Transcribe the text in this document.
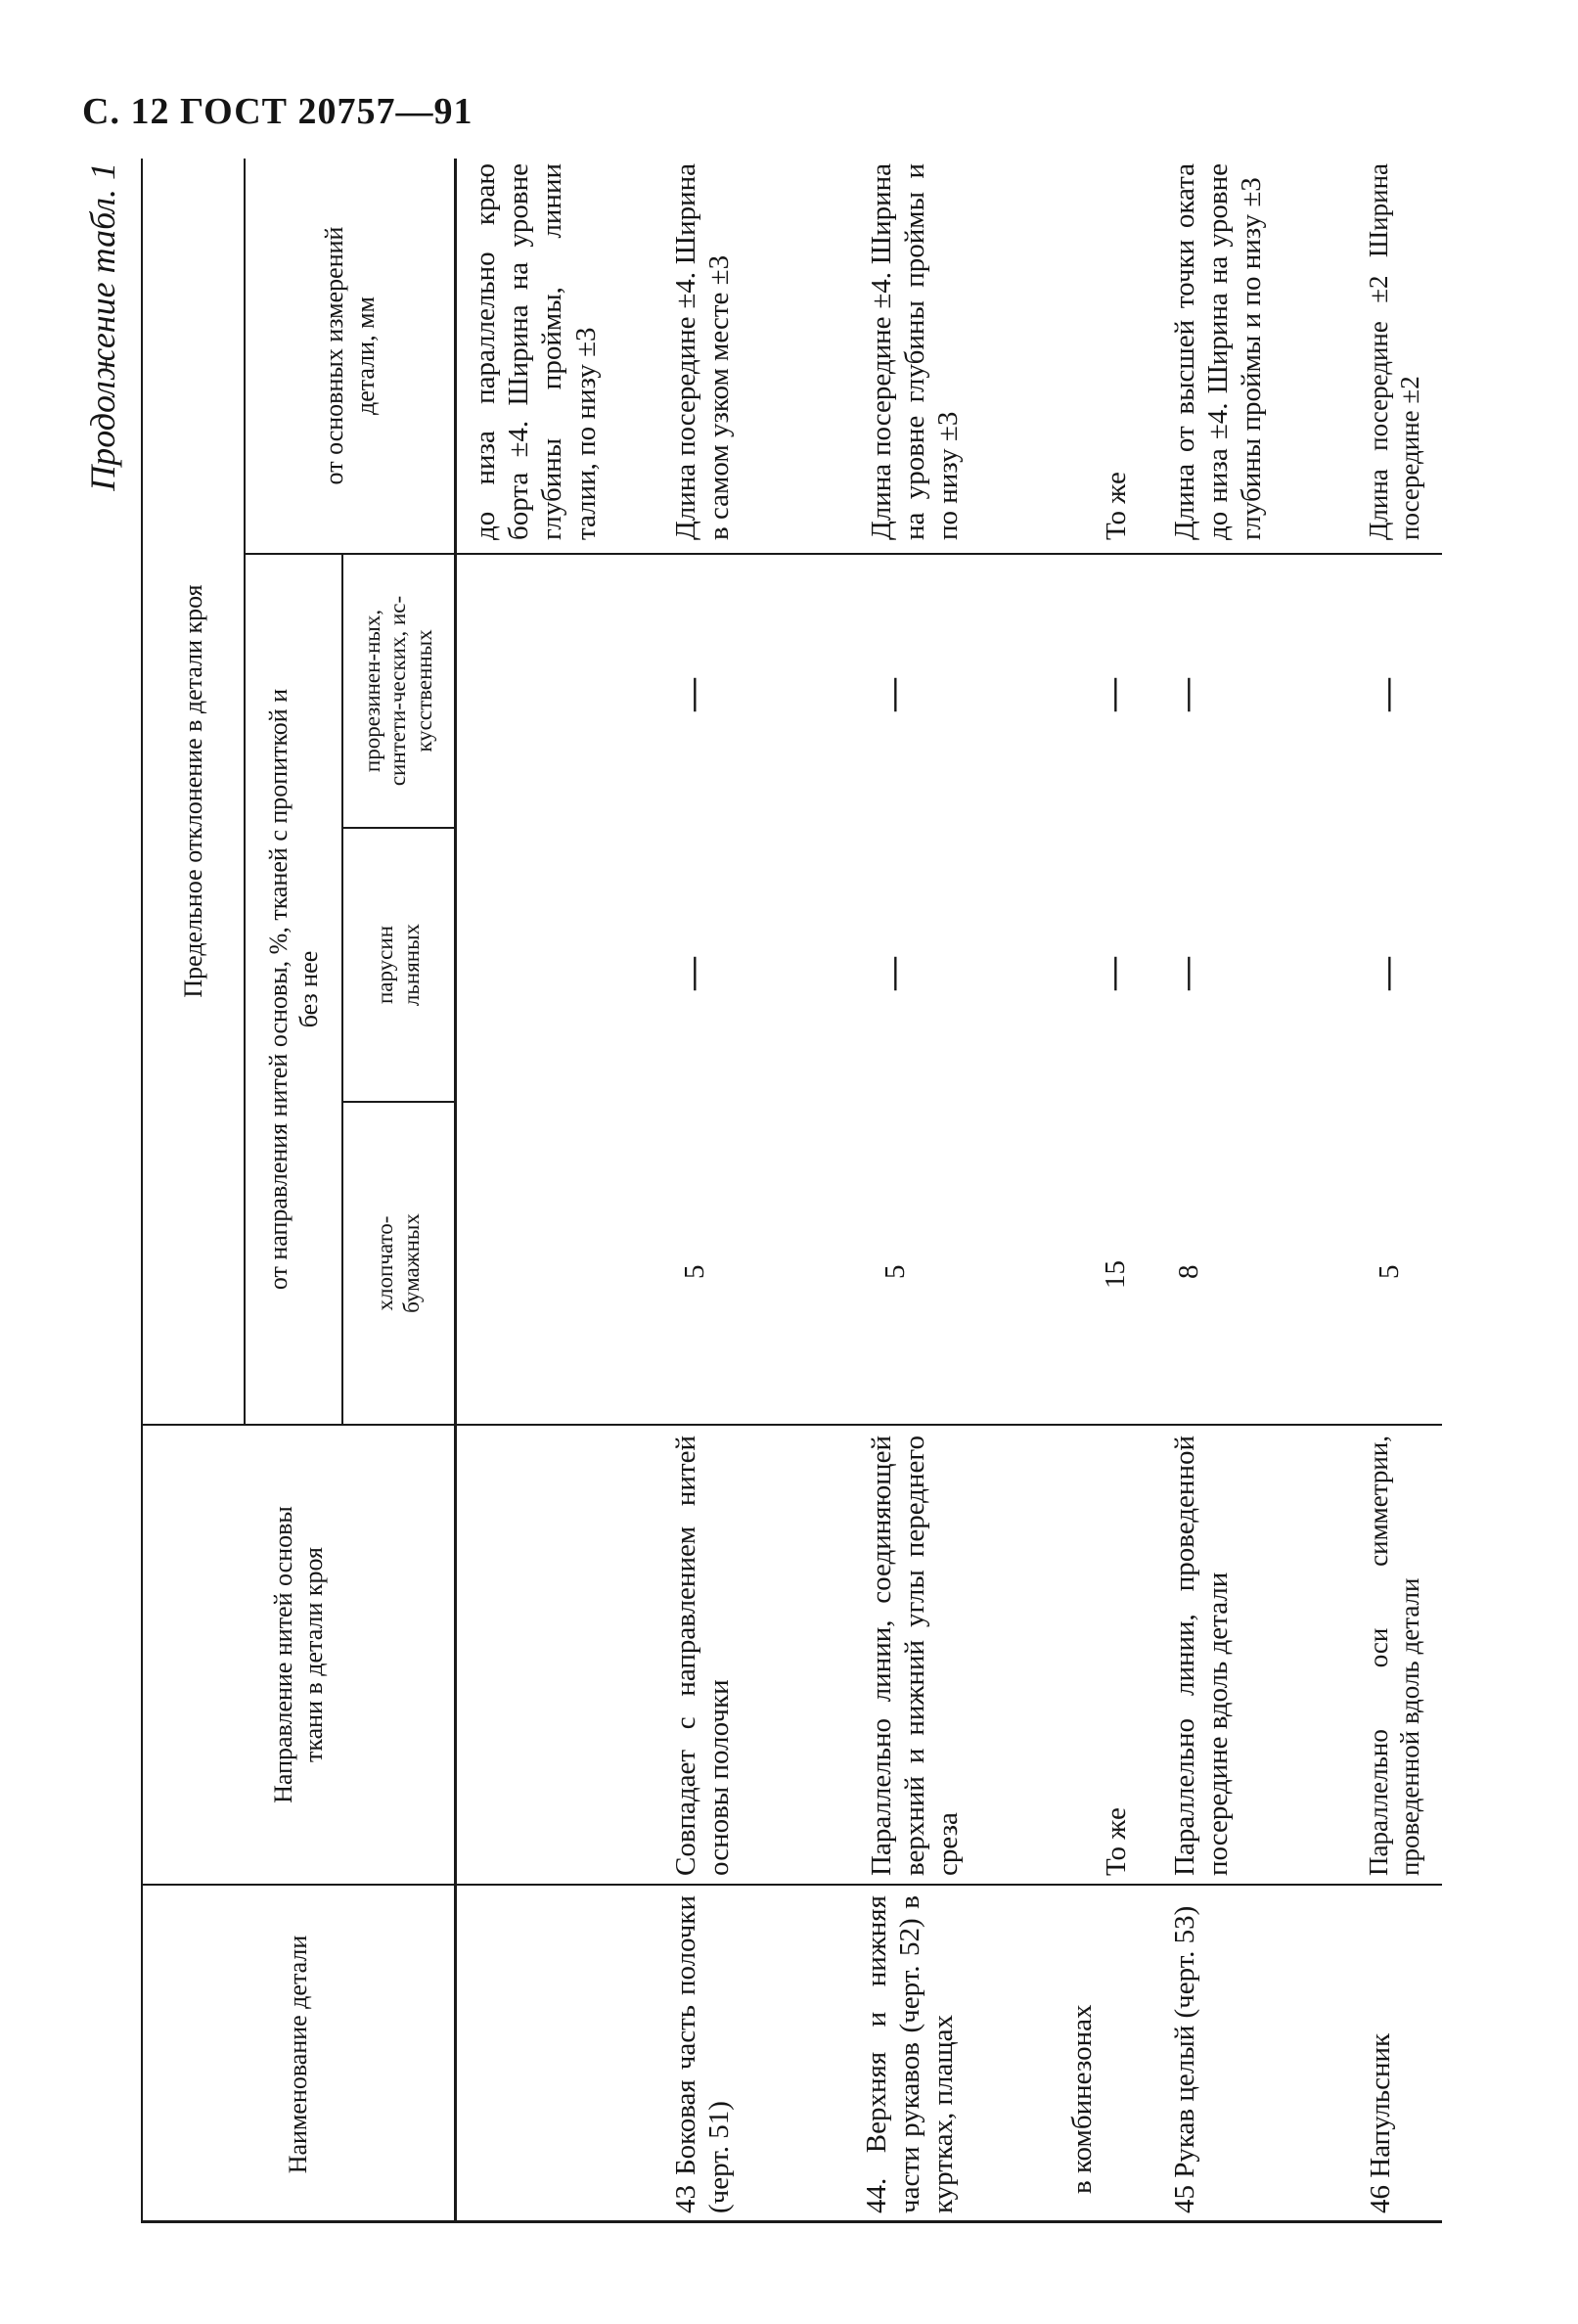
С. 12 ГОСТ 20757—91
Продолжение табл. 1
Наименование детали
Направление нитей основы ткани в детали кроя
Предельное отклонение в детали кроя	от направления нитей основы, %, тканей с пропиткой и без нее
хлопчато-бумажных
парусин льняных
прорезинен-ных, синтети-ческих, ис-кусственных
от основных измерений детали, мм	до низа параллельно краю борта ±4. Ширина на уровне глубины проймы, линии талии, по низу ±3
43 Боковая часть полочки (черт. 51)
Совпадает с направлением нитей основы полочки
5
—
—
Длина посередине ±4. Ширина в самом узком месте ±3
44. Верхняя и нижняя части рукавов (черт. 52) в куртках, плащах
Параллельно линии, соединяющей верхний и нижний углы переднего среза
5
—
—
Длина посередине ±4. Ширина на уровне глубины проймы и по низу ±3
в комбинезонах
То же
15
—
—
То же
45 Рукав целый (черт. 53)
Параллельно линии, проведенной посередине вдоль детали
8
—
—
Длина от высшей точки оката до низа ±4. Ширина на уровне глубины проймы и по низу ±3
46 Напульсник
Параллельно оси симметрии, проведенной вдоль детали
5
—
—
Длина посередине ±2 Ширина посередине ±2
